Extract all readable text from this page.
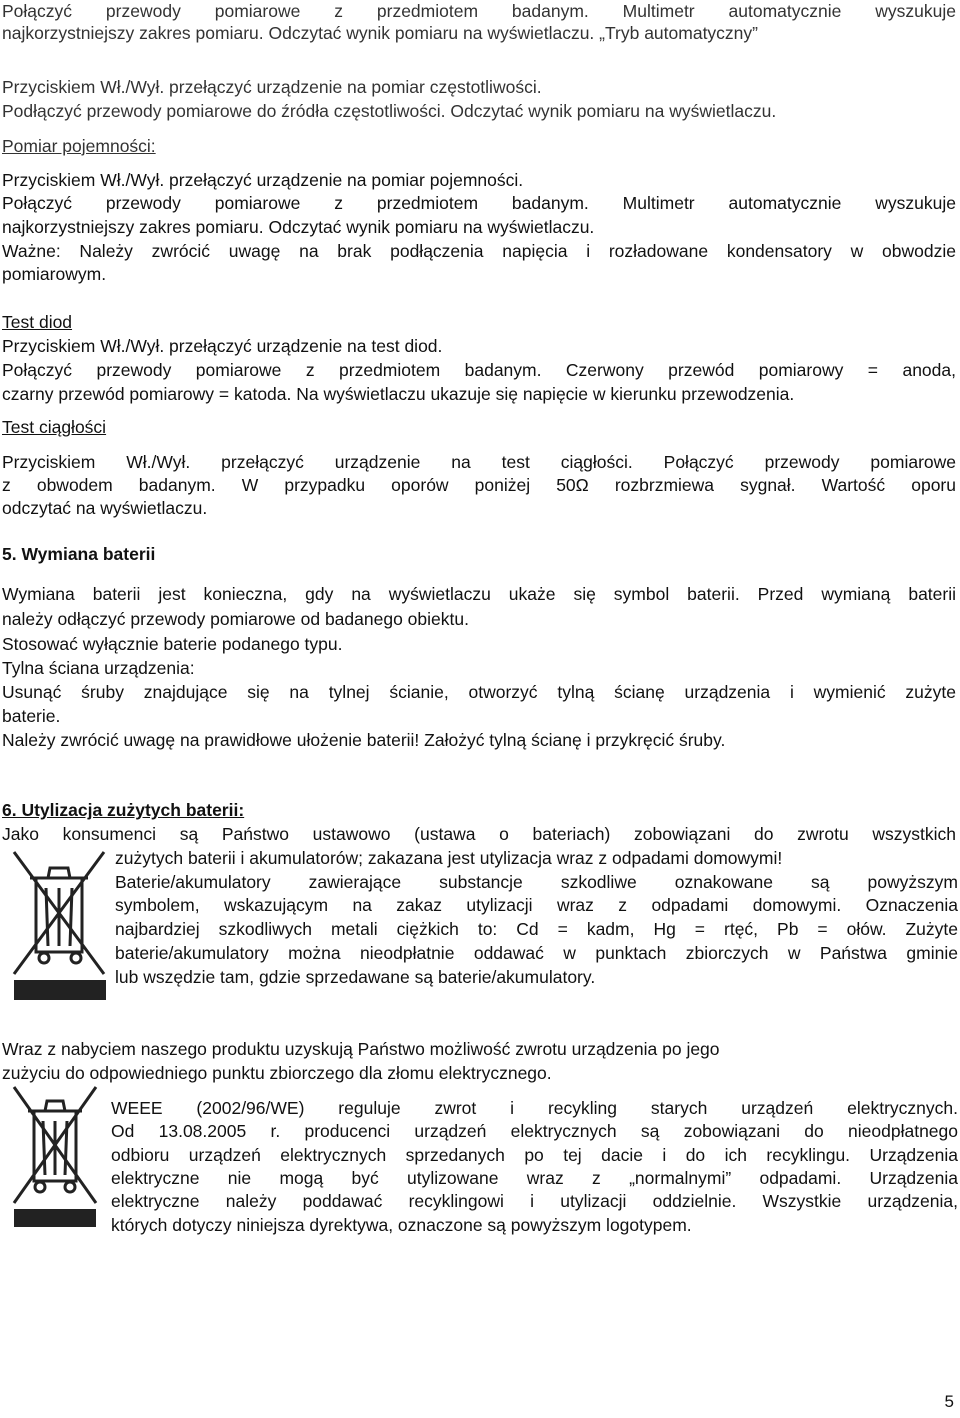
Połączyć przewody pomiarowe z przedmiotem badanym. Multimetr automatycznie wyszukuje

najkorzystniejszy zakres pomiaru. Odczytać wynik pomiaru na wyświetlaczu. „Tryb automatyczny”

Przyciskiem Wł./Wył. przełączyć urządzenie na pomiar częstotliwości.

Podłączyć przewody pomiarowe do źródła częstotliwości. Odczytać wynik pomiaru na wyświetlaczu.

Pomiar pojemności:

Przyciskiem Wł./Wył. przełączyć urządzenie na pomiar pojemności.

Połączyć przewody pomiarowe z przedmiotem badanym. Multimetr automatycznie wyszukuje

najkorzystniejszy zakres pomiaru. Odczytać wynik pomiaru na wyświetlaczu.

Ważne: Należy zwrócić uwagę na brak podłączenia napięcia i rozładowane kondensatory w obwodzie

pomiarowym.

Test diod

Przyciskiem Wł./Wył. przełączyć urządzenie na test diod.

Połączyć przewody pomiarowe z przedmiotem badanym. Czerwony przewód pomiarowy = anoda,

czarny przewód pomiarowy = katoda. Na wyświetlaczu ukazuje się napięcie w kierunku przewodzenia.

Test ciągłości

Przyciskiem Wł./Wył. przełączyć urządzenie na test ciągłości. Połączyć przewody pomiarowe

z obwodem badanym. W przypadku oporów poniżej 50Ω rozbrzmiewa sygnał. Wartość oporu

odczytać na wyświetlaczu.

5. Wymiana baterii

Wymiana baterii jest konieczna, gdy na wyświetlaczu ukaże się symbol baterii. Przed wymianą baterii

należy odłączyć przewody pomiarowe od badanego obiektu.

Stosować wyłącznie baterie podanego typu.

Tylna ściana urządzenia:

Usunąć śruby znajdujące się na tylnej ścianie, otworzyć tylną ścianę urządzenia i wymienić zużyte

baterie.

Należy zwrócić uwagę na prawidłowe ułożenie baterii! Założyć tylną ścianę i przykręcić śruby.

6. Utylizacja zużytych baterii:

Jako konsumenci są Państwo ustawowo (ustawa o bateriach) zobowiązani do zwrotu wszystkich

zużytych baterii i akumulatorów; zakazana jest utylizacja wraz z odpadami domowymi!

Baterie/akumulatory zawierające substancje szkodliwe oznakowane są powyższym

symbolem, wskazującym na zakaz utylizacji wraz z odpadami domowymi. Oznaczenia

najbardziej szkodliwych metali ciężkich to: Cd = kadm, Hg = rtęć, Pb = ołów. Zużyte

baterie/akumulatory można nieodpłatnie oddawać w punktach zbiorczych w Państwa gminie

lub wszędzie tam, gdzie sprzedawane są baterie/akumulatory.

Wraz z nabyciem naszego produktu uzyskują Państwo możliwość zwrotu urządzenia po jego

zużyciu do odpowiedniego punktu zbiorczego dla złomu elektrycznego.

WEEE (2002/96/WE) reguluje zwrot i recykling starych urządzeń elektrycznych.

Od 13.08.2005 r. producenci urządzeń elektrycznych są zobowiązani do nieodpłatnego

odbioru urządzeń elektrycznych sprzedanych po tej dacie i do ich recyklingu. Urządzenia

elektryczne nie mogą być utylizowane wraz z „normalnymi” odpadami. Urządzenia

elektryczne należy poddawać recyklingowi i utylizacji oddzielnie. Wszystkie urządzenia,

których dotyczy niniejsza dyrektywa, oznaczone są powyższym logotypem.

5
